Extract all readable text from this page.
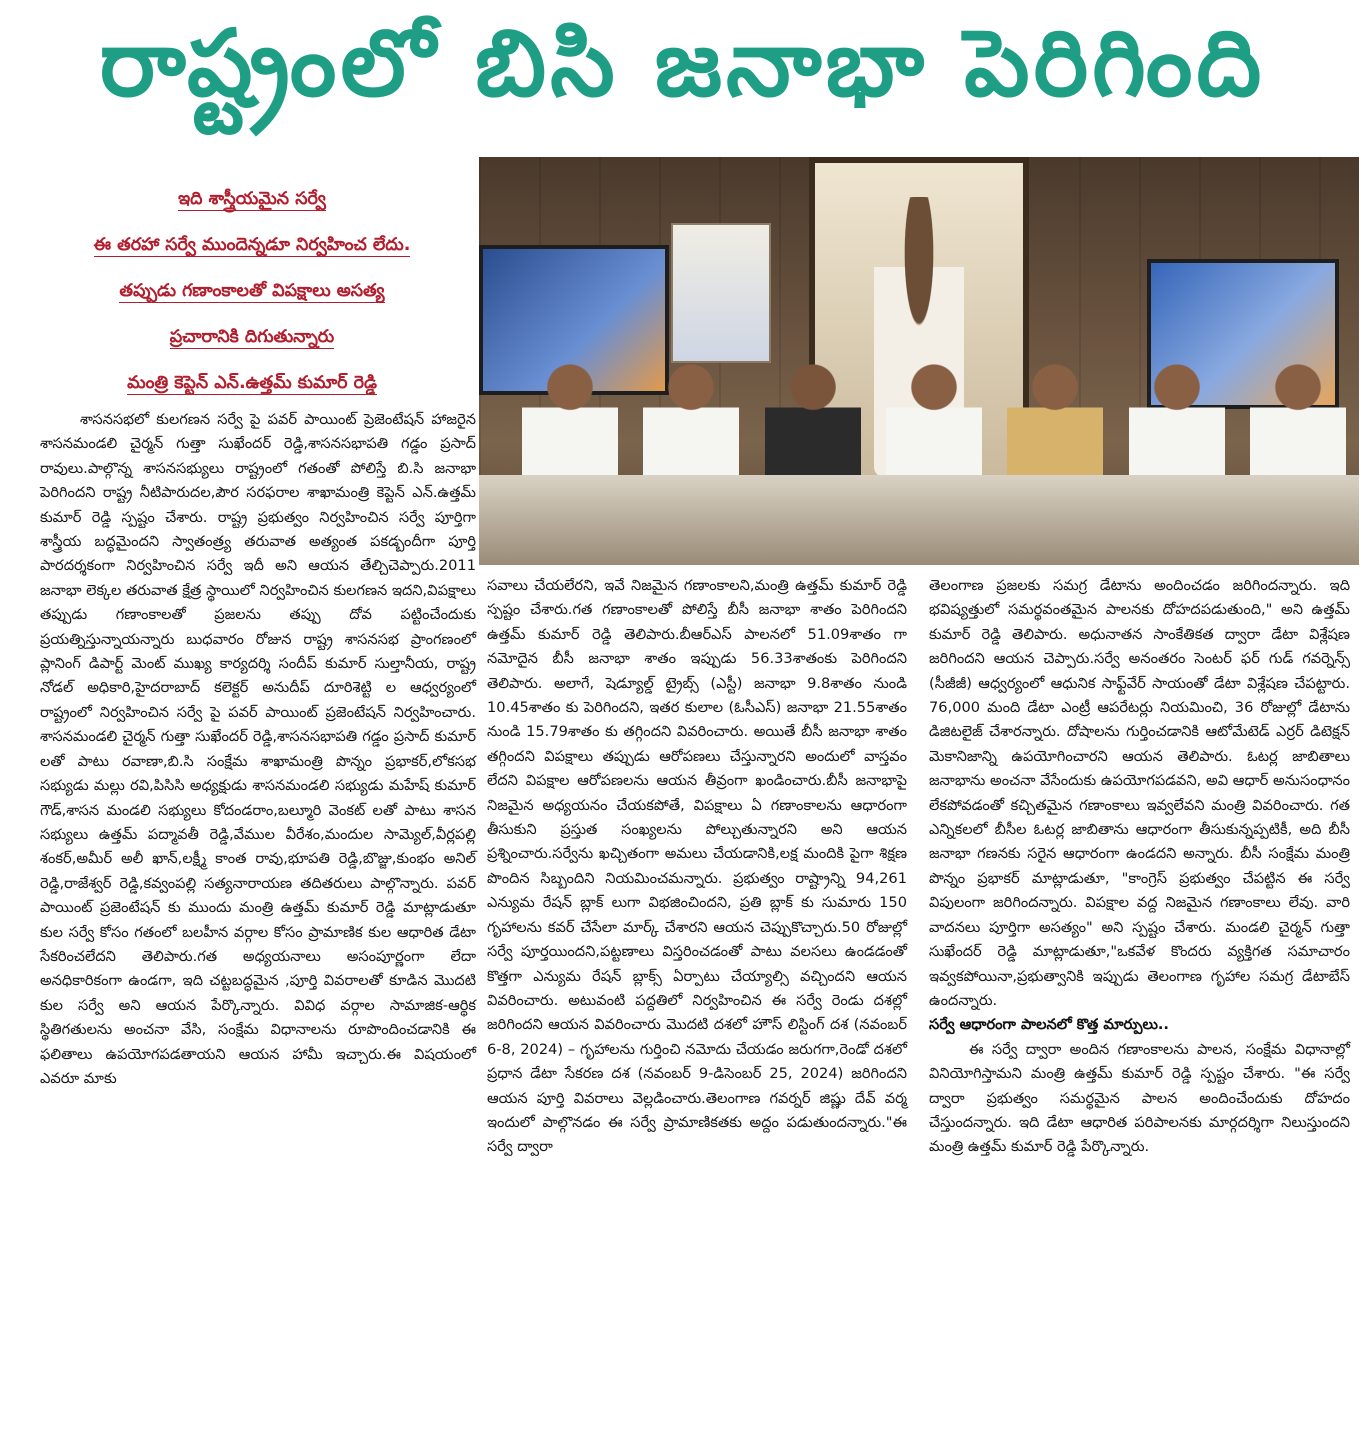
రాష్ట్రంలో బిసి జనాభా పెరిగింది

ఇది శాస్త్రీయమైన సర్వే

ఈ తరహా సర్వే ముందెన్నడూ నిర్వహించ లేదు.

తప్పుడు గణాంకాలతో విపక్షాలు అసత్య

ప్రచారానికి దిగుతున్నారు

మంత్రి కెప్టెన్ ఎన్.ఉత్తమ్ కుమార్ రెడ్డి

శాసనసభలో కులగణన సర్వే పై పవర్ పాయింట్ ప్రెజెంటేషన్ హాజరైన శాసనమండలి చైర్మన్ గుత్తా సుఖేందర్ రెడ్డి,శాసనసభాపతి గడ్డం ప్రసాద్ రావులు.పాల్గొన్న శాసనసభ్యులు రాష్ట్రంలో గతంతో పోలిస్తే బి.సి జనాభా పెరిగిందని రాష్ట్ర నీటిపారుదల,పౌర సరఫరాల శాఖామంత్రి కెప్టెన్ ఎన్.ఉత్తమ్ కుమార్ రెడ్డి స్పష్టం చేశారు. రాష్ట్ర ప్రభుత్వం నిర్వహించిన సర్వే పూర్తిగా శాస్త్రీయ బద్ధమైందని స్వాతంత్ర్య తరువాత అత్యంత పకడ్బందీగా పూర్తి పారదర్శకంగా నిర్వహించిన సర్వే ఇదీ అని ఆయన తేల్చిచెప్పారు.2011 జనాభా లెక్కల తరువాత క్షేత్ర స్థాయిలో నిర్వహించిన కులగణన ఇదని,విపక్షాలు తప్పుడు గణాంకాలతో ప్రజలను తప్పు దోవ పట్టించేందుకు ప్రయత్నిస్తున్నాయన్నారు బుధవారం రోజున రాష్ట్ర శాసనసభ ప్రాంగణంలో ప్లానింగ్ డిపార్ట్ మెంట్ ముఖ్య కార్యదర్శి సందీప్ కుమార్ సుల్తానీయ, రాష్ట్ర నోడల్ అధికారి,హైదరాబాద్ కలెక్టర్ అనుదీప్ దూరిశెట్టి ల ఆధ్వర్యంలో రాష్ట్రంలో నిర్వహించిన సర్వే పై పవర్ పాయింట్ ప్రజెంటేషన్ నిర్వహించారు. శాసనమండలి చైర్మన్ గుత్తా సుఖేందర్ రెడ్డి,శాసనసభాపతి గడ్డం ప్రసాద్ కుమార్ లతో పాటు రవాణా,బి.సి సంక్షేమ శాఖామంత్రి పొన్నం ప్రభాకర్,లోకసభ సభ్యుడు మల్లు రవి,పిసిసి అధ్యక్షుడు శాసనమండలి సభ్యుడు మహేష్ కుమార్ గౌడ్,శాసన మండలి సభ్యులు కోదండరాం,బల్మూరి వెంకట్ లతో పాటు శాసన సభ్యులు ఉత్తమ్ పద్మావతీ రెడ్డి,వేముల వీరేశం,మందుల సామ్యెల్,వీర్లపల్లి శంకర్,అమీర్ అలీ ఖాన్,లక్ష్మీ కాంత రావు,భూపతి రెడ్డి,బొజ్జు,కుంభం అనిల్ రెడ్డి,రాజేశ్వర్ రెడ్డి,కవ్వంపల్లి సత్యనారాయణ తదితరులు పాల్గొన్నారు. పవర్ పాయింట్ ప్రజెంటేషన్ కు ముందు మంత్రి ఉత్తమ్ కుమార్ రెడ్డి మాట్లాడుతూ కుల సర్వే కోసం గతంలో బలహీన వర్గాల కోసం ప్రామాణిక కుల ఆధారిత డేటా సేకరించలేదని తెలిపారు.గత అధ్యయనాలు అసంపూర్ణంగా లేదా అనధికారికంగా ఉండగా, ఇది చట్టబద్ధమైన ,పూర్తి వివరాలతో కూడిన మొదటి కుల సర్వే అని ఆయన పేర్కొన్నారు. వివిధ వర్గాల సామాజిక-ఆర్థిక స్థితిగతులను అంచనా వేసి, సంక్షేమ విధానాలను రూపొందించడానికి ఈ ఫలితాలు ఉపయోగపడతాయని ఆయన హామీ ఇచ్చారు.ఈ విషయంలో ఎవరూ మాకు

సవాలు చేయలేరని, ఇవే నిజమైన గణాంకాలని,మంత్రి ఉత్తమ్ కుమార్ రెడ్డి స్పష్టం చేశారు.గత గణాంకాలతో పోలిస్తే బీసీ జనాభా శాతం పెరిగిందని ఉత్తమ్ కుమార్ రెడ్డి తెలిపారు.బీఆర్ఎస్ పాలనలో 51.09శాతం గా నమోదైన బీసీ జనాభా శాతం ఇప్పుడు 56.33శాతంకు పెరిగిందని తెలిపారు. అలాగే, షెడ్యూల్డ్ ట్రైబ్స్ (ఎస్టీ) జనాభా 9.8శాతం నుండి 10.45శాతం కు పెరిగిందని, ఇతర కులాల (ఓసీఎస్) జనాభా 21.55శాతం నుండి 15.79శాతం కు తగ్గిందని వివరించారు. అయితే బీసీ జనాభా శాతం తగ్గిందని విపక్షాలు తప్పుడు ఆరోపణలు చేస్తున్నారని అందులో వాస్తవం లేదని విపక్షాల ఆరోపణలను ఆయన తీవ్రంగా ఖండించారు.బీసీ జనాభాపై నిజమైన అధ్యయనం చేయకపోతే, విపక్షాలు ఏ గణాంకాలను ఆధారంగా తీసుకుని ప్రస్తుత సంఖ్యలను పోల్చుతున్నారని అని ఆయన ప్రశ్నించారు.సర్వేను ఖచ్చితంగా అమలు చేయడానికి,లక్ష మందికి పైగా శిక్షణ పొందిన సిబ్బందిని నియమించమన్నారు. ప్రభుత్వం రాష్ట్రాన్ని 94,261 ఎన్యుమ రేషన్ బ్లాక్ లుగా విభజించిందని, ప్రతి బ్లాక్ కు సుమారు 150 గృహాలను కవర్ చేసేలా మార్క్ చేశారని ఆయన చెప్పుకొచ్చారు.50 రోజుల్లో సర్వే పూర్తయిందని,పట్టణాలు విస్తరించడంతో పాటు వలసలు ఉండడంతో కొత్తగా ఎన్యుమ రేషన్ బ్లాక్స్ ఏర్పాటు చేయ్యాల్సి వచ్చిందని ఆయన వివరించారు. అటువంటి పద్దతిలో నిర్వహించిన ఈ సర్వే రెండు దశల్లో జరిగిందని ఆయన వివరించారు మొదటి దశలో హౌస్ లిస్టింగ్ దశ (నవంబర్ 6-8, 2024) – గృహాలను గుర్తించి నమోదు చేయడం జరుగగా,రెండో దశలో ప్రధాన డేటా సేకరణ దశ (నవంబర్ 9-డిసెంబర్ 25, 2024) జరిగిందని ఆయన పూర్తి వివరాలు వెల్లడించారు.తెలంగాణ గవర్నర్ జిష్ణు దేవ్ వర్మ ఇందులో పాల్గొనడం ఈ సర్వే ప్రామాణికతకు అద్దం పడుతుందన్నారు."ఈ సర్వే ద్వారా

తెలంగాణ ప్రజలకు సమగ్ర డేటాను అందించడం జరిగిందన్నారు. ఇది భవిష్యత్తులో సమర్థవంతమైన పాలనకు దోహదపడుతుంది," అని ఉత్తమ్ కుమార్ రెడ్డి తెలిపారు. అధునాతన సాంకేతికత ద్వారా డేటా విశ్లేషణ జరిగిందని ఆయన చెప్పారు.సర్వే అనంతరం సెంటర్ ఫర్ గుడ్ గవర్నెన్స్ (సీజీజీ) ఆధ్వర్యంలో ఆధునిక సాఫ్ట్‌వేర్ సాయంతో డేటా విశ్లేషణ చేపట్టారు. 76,000 మంది డేటా ఎంట్రీ ఆపరేటర్లు నియమించి, 36 రోజుల్లో డేటాను డిజిటలైజ్ చేశారన్నారు. దోషాలను గుర్తించడానికి ఆటోమేటెడ్ ఎర్రర్ డిటెక్షన్ మెకానిజాన్ని ఉపయోగించారని ఆయన తెలిపారు. ఓటర్ల జాబితాలు జనాభాను అంచనా వేసేందుకు ఉపయోగపడవని, అవి ఆధార్ అనుసంధానం లేకపోవడంతో కచ్చితమైన గణాంకాలు ఇవ్వలేవని మంత్రి వివరించారు. గత ఎన్నికలలో బీసీల ఓటర్ల జాబితాను ఆధారంగా తీసుకున్నప్పటికీ, అది బీసీ జనాభా గణనకు సరైన ఆధారంగా ఉండదని అన్నారు. బీసీ సంక్షేమ మంత్రి పొన్నం ప్రభాకర్ మాట్లాడుతూ, "కాంగ్రెస్ ప్రభుత్వం చేపట్టిన ఈ సర్వే విపులంగా జరిగిందన్నారు. విపక్షాల వద్ద నిజమైన గణాంకాలు లేవు. వారి వాదనలు పూర్తిగా అసత్యం" అని స్పష్టం చేశారు. మండలి చైర్మన్ గుత్తా సుఖేందర్ రెడ్డి మాట్లాడుతూ,"ఒకవేళ కొందరు వ్యక్తిగత సమాచారం ఇవ్వకపోయినా,ప్రభుత్వానికి ఇప్పుడు తెలంగాణ గృహాల సమగ్ర డేటాబేస్ ఉందన్నారు.

సర్వే ఆధారంగా పాలనలో కొత్త మార్పులు..

ఈ సర్వే ద్వారా అందిన గణాంకాలను పాలన, సంక్షేమ విధానాల్లో వినియోగిస్తామని మంత్రి ఉత్తమ్ కుమార్ రెడ్డి స్పష్టం చేశారు. "ఈ సర్వే ద్వారా ప్రభుత్వం సమర్థమైన పాలన అందించేందుకు దోహదం చేస్తుందన్నారు. ఇది డేటా ఆధారిత పరిపాలనకు మార్గదర్శిగా నిలుస్తుందని మంత్రి ఉత్తమ్ కుమార్ రెడ్డి పేర్కొన్నారు.
